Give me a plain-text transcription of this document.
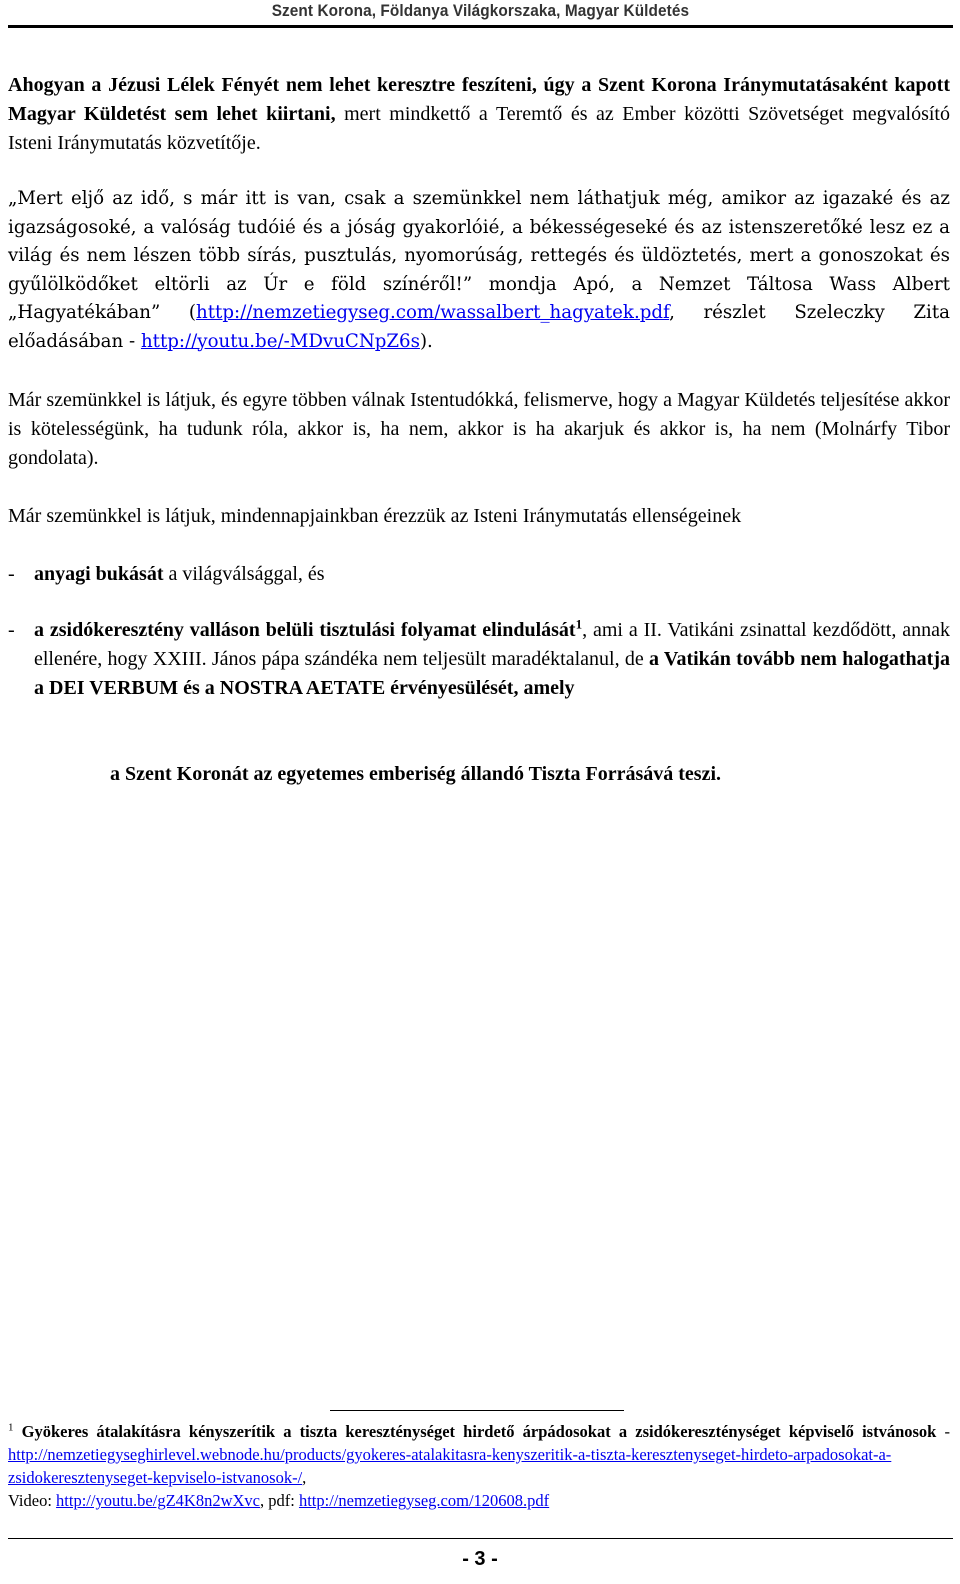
Szent Korona, Földanya Világkorszaka, Magyar Küldetés
Ahogyan a Jézusi Lélek Fényét nem lehet keresztre feszíteni, úgy a Szent Korona Iránymutatásaként kapott Magyar Küldetést sem lehet kiirtani, mert mindkettő a Teremtő és az Ember közötti Szövetséget megvalósító Isteni Iránymutatás közvetítője.
„Mert eljő az idő, s már itt is van, csak a szemünkkel nem láthatjuk még, amikor az igazaké és az igazságosoké, a valóság tudóié és a jóság gyakorlóié, a békességeseké és az istenszeretőké lesz ez a világ és nem lészen több sírás, pusztulás, nyomorúság, rettegés és üldöztetés, mert a gonoszokat és gyűlölködőket eltörli az Úr e föld színéről!” mondja Apó, a Nemzet Táltosa Wass Albert „Hagyatékában” (http://nemzetiegyseg.com/wassalbert_hagyatek.pdf, részlet Szeleczky Zita előadásában - http://youtu.be/-MDvuCNpZ6s).
Már szemünkkel is látjuk, és egyre többen válnak Istentudókká, felismerve, hogy a Magyar Küldetés teljesítése akkor is kötelességünk, ha tudunk róla, akkor is, ha nem, akkor is ha akarjuk és akkor is, ha nem (Molnárfy Tibor gondolata).
Már szemünkkel is látjuk, mindennapjainkban érezzük az Isteni Iránymutatás ellenségeinek
- anyagi bukását a világválsággal, és
- a zsidókeresztény valláson belüli tisztulási folyamat elindulását$^1$, ami a II. Vatikáni zsinattal kezdődött, annak ellenére, hogy XXIII. János pápa szándéka nem teljesült maradéktalanul, de a Vatikán tovább nem halogathatja a DEI VERBUM és a NOSTRA AETATE érvényesülését, amely
a Szent Koronát az egyetemes emberiség állandó Tiszta Forrásává teszi.
$^1$ Gyökeres átalakításra kényszerítik a tiszta kereszténységet hirdető árpádosokat a zsidókereszténységet képviselő istvánosok - http://nemzetiegyseghirlevel.webnode.hu/products/gyokeres-atalakitasra-kenyszeritik-a-tiszta-keresztenyseget-hirdeto-arpadosokat-a-zsidokeresztenyseget-kepviselo-istvanosok-/,
Video: http://youtu.be/gZ4K8n2wXvc, pdf: http://nemzetiegyseg.com/120608.pdf
- 3 -
